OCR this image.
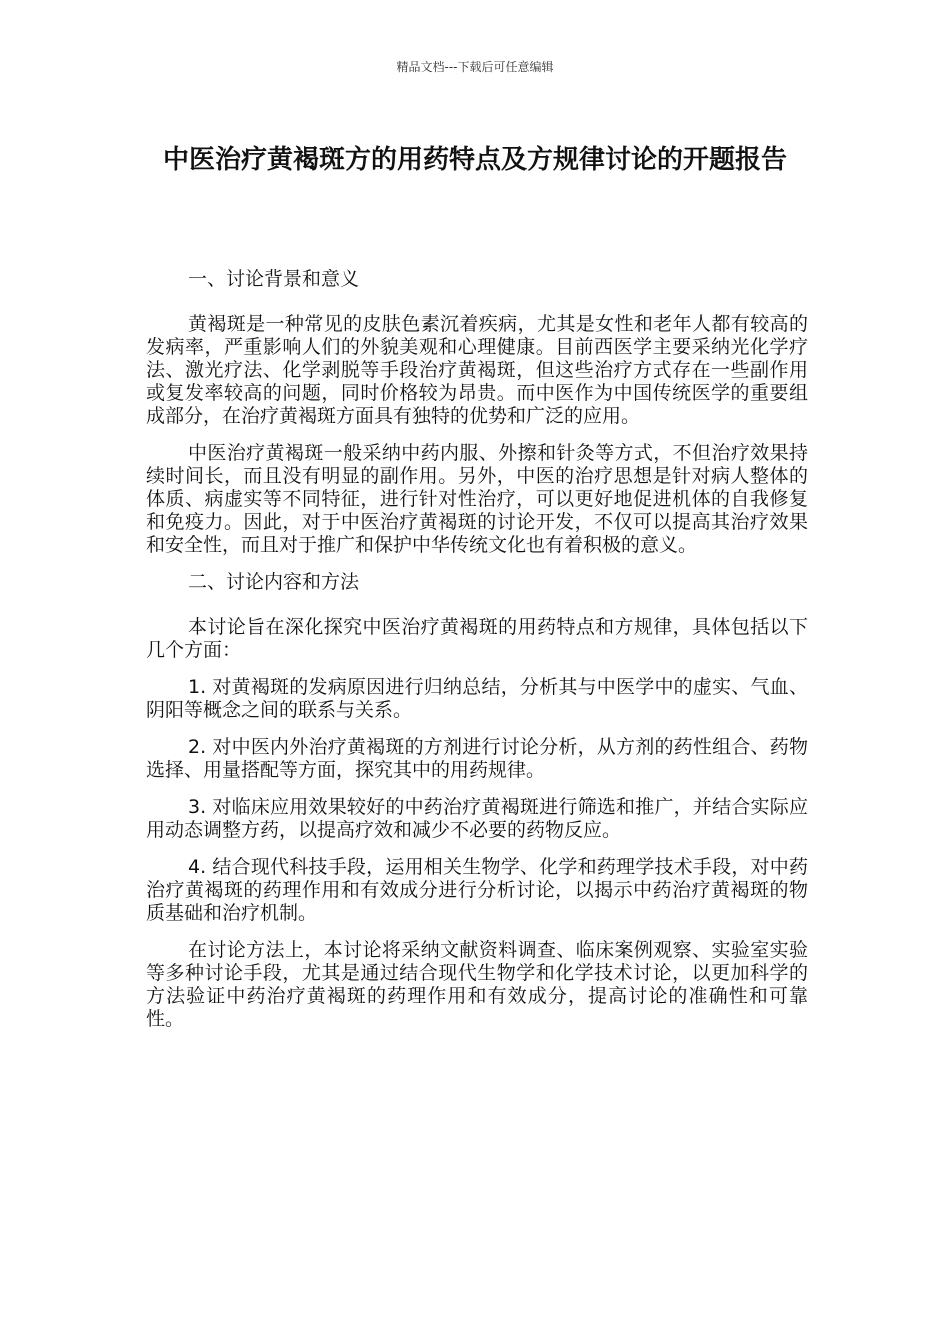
精品文档---下载后可任意编辑
中医治疗黄褐斑方的用药特点及方规律讨论的开题报告

一、讨论背景和意义

黄褐斑是一种常见的皮肤色素沉着疾病，尤其是女性和老年人都有较高的发病率，严重影响人们的外貌美观和心理健康。目前西医学主要采纳光化学疗法、激光疗法、化学剥脱等手段治疗黄褐斑，但这些治疗方式存在一些副作用或复发率较高的问题，同时价格较为昂贵。而中医作为中国传统医学的重要组成部分，在治疗黄褐斑方面具有独特的优势和广泛的应用。

中医治疗黄褐斑一般采纳中药内服、外擦和针灸等方式，不但治疗效果持续时间长，而且没有明显的副作用。另外，中医的治疗思想是针对病人整体的体质、病虚实等不同特征，进行针对性治疗，可以更好地促进机体的自我修复和免疫力。因此，对于中医治疗黄褐斑的讨论开发，不仅可以提高其治疗效果和安全性，而且对于推广和保护中华传统文化也有着积极的意义。

二、讨论内容和方法

本讨论旨在深化探究中医治疗黄褐斑的用药特点和方规律，具体包括以下几个方面：

1. 对黄褐斑的发病原因进行归纳总结，分析其与中医学中的虚实、气血、阴阳等概念之间的联系与关系。

2. 对中医内外治疗黄褐斑的方剂进行讨论分析，从方剂的药性组合、药物选择、用量搭配等方面，探究其中的用药规律。

3. 对临床应用效果较好的中药治疗黄褐斑进行筛选和推广，并结合实际应用动态调整方药，以提高疗效和减少不必要的药物反应。

4. 结合现代科技手段，运用相关生物学、化学和药理学技术手段，对中药治疗黄褐斑的药理作用和有效成分进行分析讨论，以揭示中药治疗黄褐斑的物质基础和治疗机制。

在讨论方法上，本讨论将采纳文献资料调查、临床案例观察、实验室实验等多种讨论手段，尤其是通过结合现代生物学和化学技术讨论，以更加科学的方法验证中药治疗黄褐斑的药理作用和有效成分，提高讨论的准确性和可靠性。
